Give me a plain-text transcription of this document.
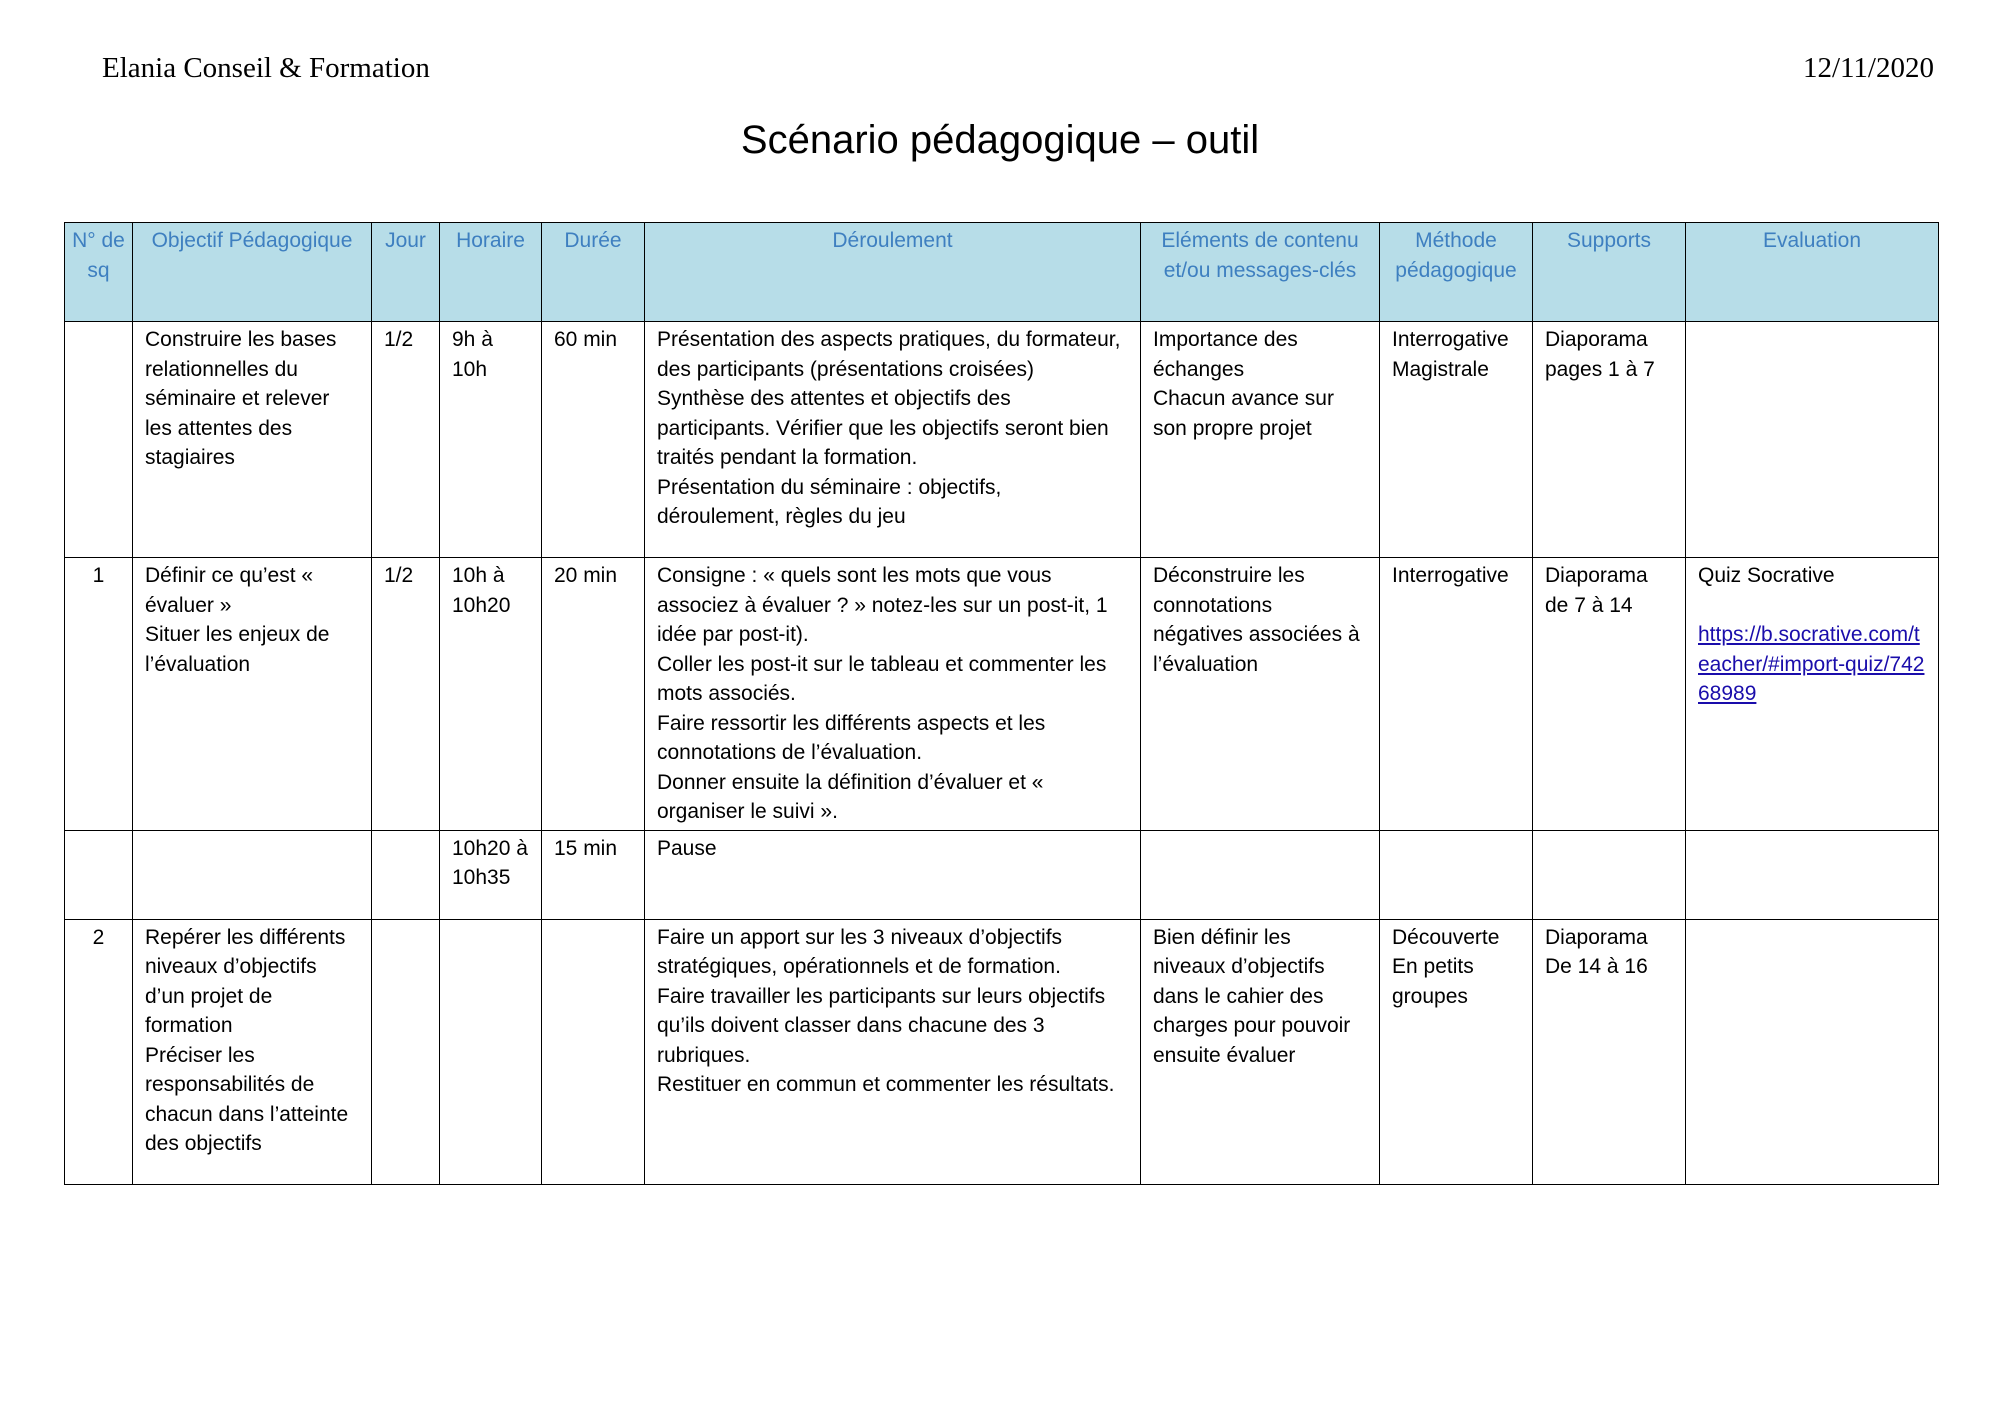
Elania Conseil & Formation	12/11/2020
Scénario pédagogique – outil
N° de sq	Objectif Pédagogique	Jour	Horaire	Durée	Déroulement	Eléments de contenu et/ou messages-clés	Méthode pédagogique	Supports	Evaluation

	Construire les bases relationnelles du séminaire et relever les attentes des stagiaires	1/2	9h à 10h	60 min	Présentation des aspects pratiques, du formateur, des participants (présentations croisées)
Synthèse des attentes et objectifs des participants. Vérifier que les objectifs seront bien traités pendant la formation.
Présentation du séminaire : objectifs, déroulement, règles du jeu	Importance des échanges
Chacun avance sur son propre projet	Interrogative
Magistrale	Diaporama pages 1 à 7	

1	Définir ce qu’est « évaluer »
Situer les enjeux de l’évaluation	1/2	10h à 10h20	20 min	Consigne : « quels sont les mots que vous associez à évaluer ? » notez-les sur un post-it, 1 idée par post-it).
Coller les post-it sur le tableau et commenter les mots associés.
Faire ressortir les différents aspects et les connotations de l’évaluation.
Donner ensuite la définition d’évaluer et « organiser le suivi ».	Déconstruire les connotations négatives associées à l’évaluation	Interrogative	Diaporama de 7 à 14	Quiz Socrative
https://b.socrative.com/teacher/#import-quiz/74268989
			10h20 à 10h35	15 min	Pause				

2	Repérer les différents niveaux d’objectifs d’un projet de formation
Préciser les responsabilités de chacun dans l’atteinte des objectifs				Faire un apport sur les 3 niveaux d’objectifs stratégiques, opérationnels et de formation.
Faire travailler les participants sur leurs objectifs qu’ils doivent classer dans chacune des 3 rubriques.
Restituer en commun et commenter les résultats.	Bien définir les niveaux d’objectifs dans le cahier des charges pour pouvoir ensuite évaluer	Découverte
En petits groupes	Diaporama
De 14 à 16	
